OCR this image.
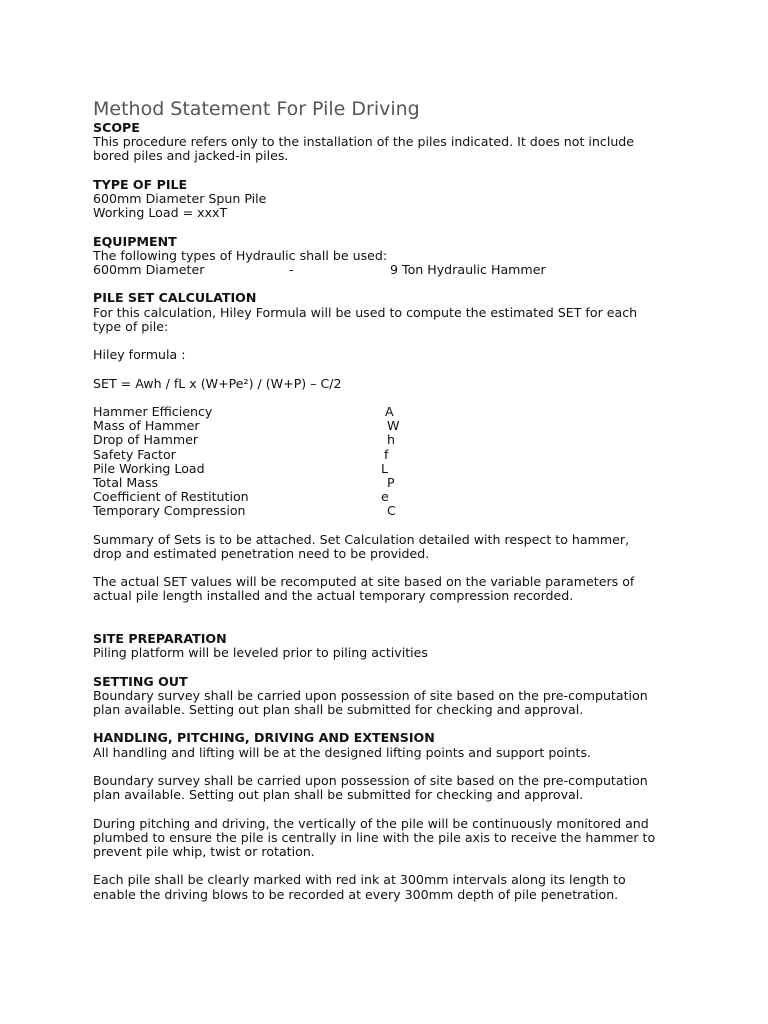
Method Statement For Pile Driving
SCOPE
This procedure refers only to the installation of the piles indicated. It does not include
bored piles and jacked-in piles.
TYPE OF PILE
600mm Diameter Spun Pile
Working Load = xxxT
EQUIPMENT
The following types of Hydraulic shall be used:
600mm Diameter	-	9 Ton Hydraulic Hammer
PILE SET CALCULATION
For this calculation, Hiley Formula will be used to compute the estimated SET for each
type of pile:
Hiley formula :
SET = Awh / fL x (W+Pe²) / (W+P) – C/2
Hammer Efficiency	A
Mass of Hammer	W
Drop of Hammer	h
Safety Factor	f
Pile Working Load	L
Total Mass	P
Coefficient of Restitution	e
Temporary Compression	C
Summary of Sets is to be attached. Set Calculation detailed with respect to hammer,
drop and estimated penetration need to be provided.
The actual SET values will be recomputed at site based on the variable parameters of
actual pile length installed and the actual temporary compression recorded.
SITE PREPARATION
Piling platform will be leveled prior to piling activities
SETTING OUT
Boundary survey shall be carried upon possession of site based on the pre-computation
plan available. Setting out plan shall be submitted for checking and approval.
HANDLING, PITCHING, DRIVING AND EXTENSION
All handling and lifting will be at the designed lifting points and support points.
Boundary survey shall be carried upon possession of site based on the pre-computation
plan available. Setting out plan shall be submitted for checking and approval.
During pitching and driving, the vertically of the pile will be continuously monitored and
plumbed to ensure the pile is centrally in line with the pile axis to receive the hammer to
prevent pile whip, twist or rotation.
Each pile shall be clearly marked with red ink at 300mm intervals along its length to
enable the driving blows to be recorded at every 300mm depth of pile penetration.
